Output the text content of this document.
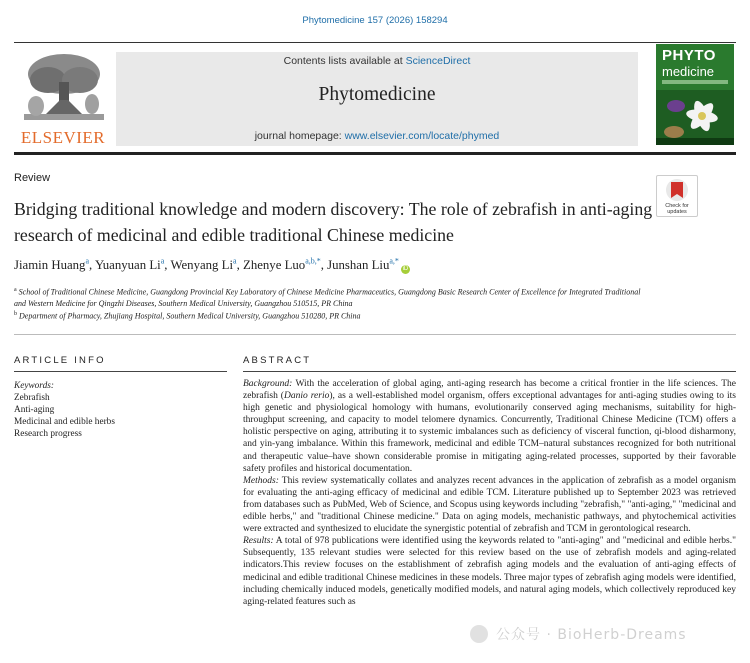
Phytomedicine 157 (2026) 158294
ELSEVIER
Contents lists available at ScienceDirect
Phytomedicine
journal homepage: www.elsevier.com/locate/phymed
PHYTO
medicine
Review
Check for updates
Bridging traditional knowledge and modern discovery: The role of zebrafish in anti-aging research of medicinal and edible traditional Chinese medicine
Jiamin Huang$^a$, Yuanyuan Li$^a$, Wenyang Li$^a$, Zhenye Luo$^{a,b,*}$, Junshan Liu$^{a,*}$iD
$^a$ School of Traditional Chinese Medicine, Guangdong Provincial Key Laboratory of Chinese Medicine Pharmaceutics, Guangdong Basic Research Center of Excellence for Integrated Traditional and Western Medicine for Qingzhi Diseases, Southern Medical University, Guangzhou 510515, PR China
$^b$ Department of Pharmacy, Zhujiang Hospital, Southern Medical University, Guangzhou 510280, PR China
ARTICLE INFO	ABSTRACT
Keywords:
Zebrafish
Anti-aging
Medicinal and edible herbs
Research progress

Background: With the acceleration of global aging, anti-aging research has become a critical frontier in the life sciences. The zebrafish (Danio rerio), as a well-established model organism, offers exceptional advantages for anti-aging studies owing to its high genetic and physiological homology with humans, evolutionarily conserved aging mechanisms, suitability for high-throughput screening, and capacity to model telomere dynamics. Concurrently, Traditional Chinese Medicine (TCM) offers a holistic perspective on aging, attributing it to systemic imbalances such as deficiency of visceral function, qi-blood disharmony, and yin-yang imbalance. Within this framework, medicinal and edible TCM–natural substances recognized for both nutritional and therapeutic value–have shown considerable promise in mitigating aging-related processes, supported by their favorable safety profiles and historical documentation.

Methods: This review systematically collates and analyzes recent advances in the application of zebrafish as a model organism for evaluating the anti-aging efficacy of medicinal and edible TCM. Literature published up to September 2023 was retrieved from databases such as PubMed, Web of Science, and Scopus using keywords including "zebrafish," "anti-aging," "medicinal and edible herbs," and "traditional Chinese medicine." Data on aging models, mechanistic pathways, and phytochemical activities were extracted and synthesized to elucidate the synergistic potential of zebrafish and TCM in gerontological research.

Results: A total of 978 publications were identified using the keywords related to "anti-aging" and "medicinal and edible herbs." Subsequently, 135 relevant studies were selected for this review based on the use of zebrafish models and aging-related indicators.This review focuses on the establishment of zebrafish aging models and the evaluation of anti-aging effects of medicinal and edible traditional Chinese medicines in these models. Three major types of zebrafish aging models were identified, including chemically induced models, genetically modified models, and natural aging models, which collectively reproduced key aging-related features such as

公众号 · BioHerb-Dreams
